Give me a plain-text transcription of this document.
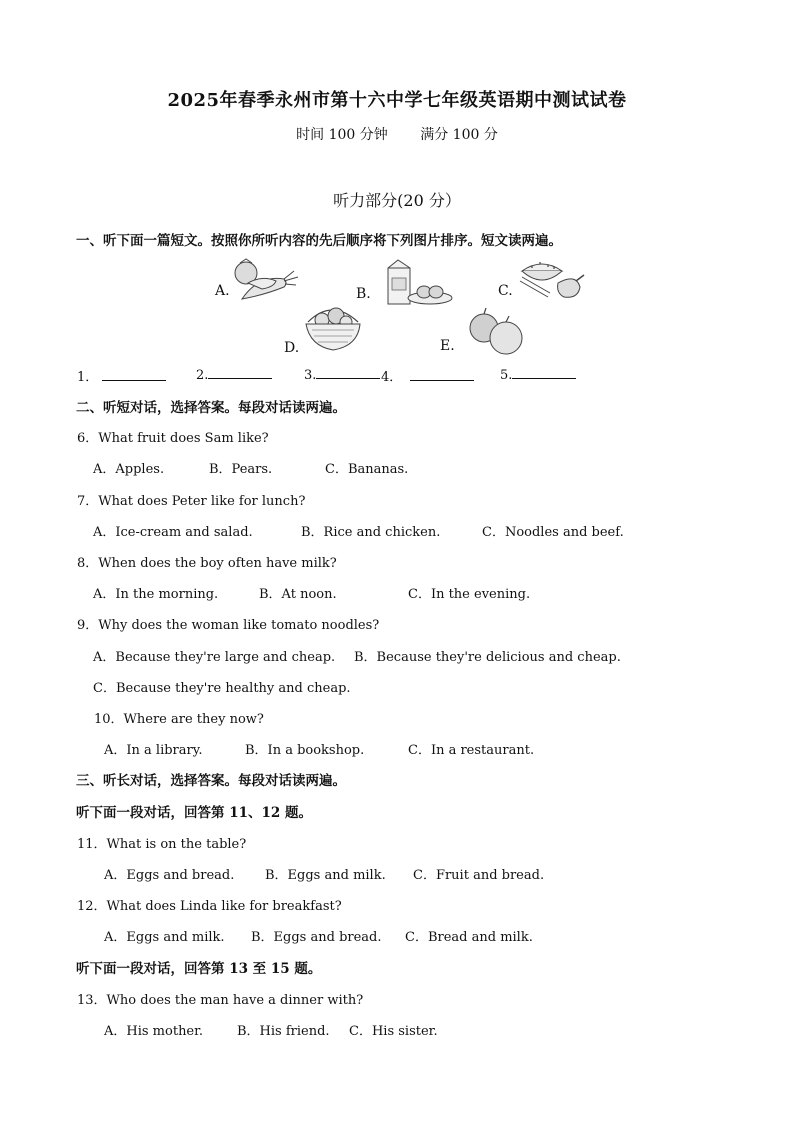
2025年春季永州市第十六中学七年级英语期中测试试卷
时间 100 分钟 满分 100 分
听力部分(20 分）
一、听下面一篇短文。按照你所听内容的先后顺序将下列图片排序。短文读两遍。
A.	B.	C.
D.	E.
1．	2.	3.	4．	5.
二、听短对话，选择答案。每段对话读两遍。
6．What fruit does Sam like?
A．Apples.	B．Pears.	C．Bananas.
7．What does Peter like for lunch?
A．Ice-cream and salad.	B．Rice and chicken.	C．Noodles and beef.
8．When does the boy often have milk?
A．In the morning.	B．At noon.	C．In the evening.
9．Why does the woman like tomato noodles?
A．Because they're large and cheap. B．Because they're delicious and cheap.
C．Because they're healthy and cheap.
10．Where are they now?
A．In a library.	B．In a bookshop.	C．In a restaurant.
三、听长对话，选择答案。每段对话读两遍。
听下面一段对话，回答第 11、12 题。
11．What is on the table?
A．Eggs and bread. B．Eggs and milk. C．Fruit and bread.
12．What does Linda like for breakfast?
A．Eggs and milk. B．Eggs and bread. C．Bread and milk.
听下面一段对话，回答第 13 至 15 题。
13．Who does the man have a dinner with?
A．His mother.	B．His friend. C．His sister.
